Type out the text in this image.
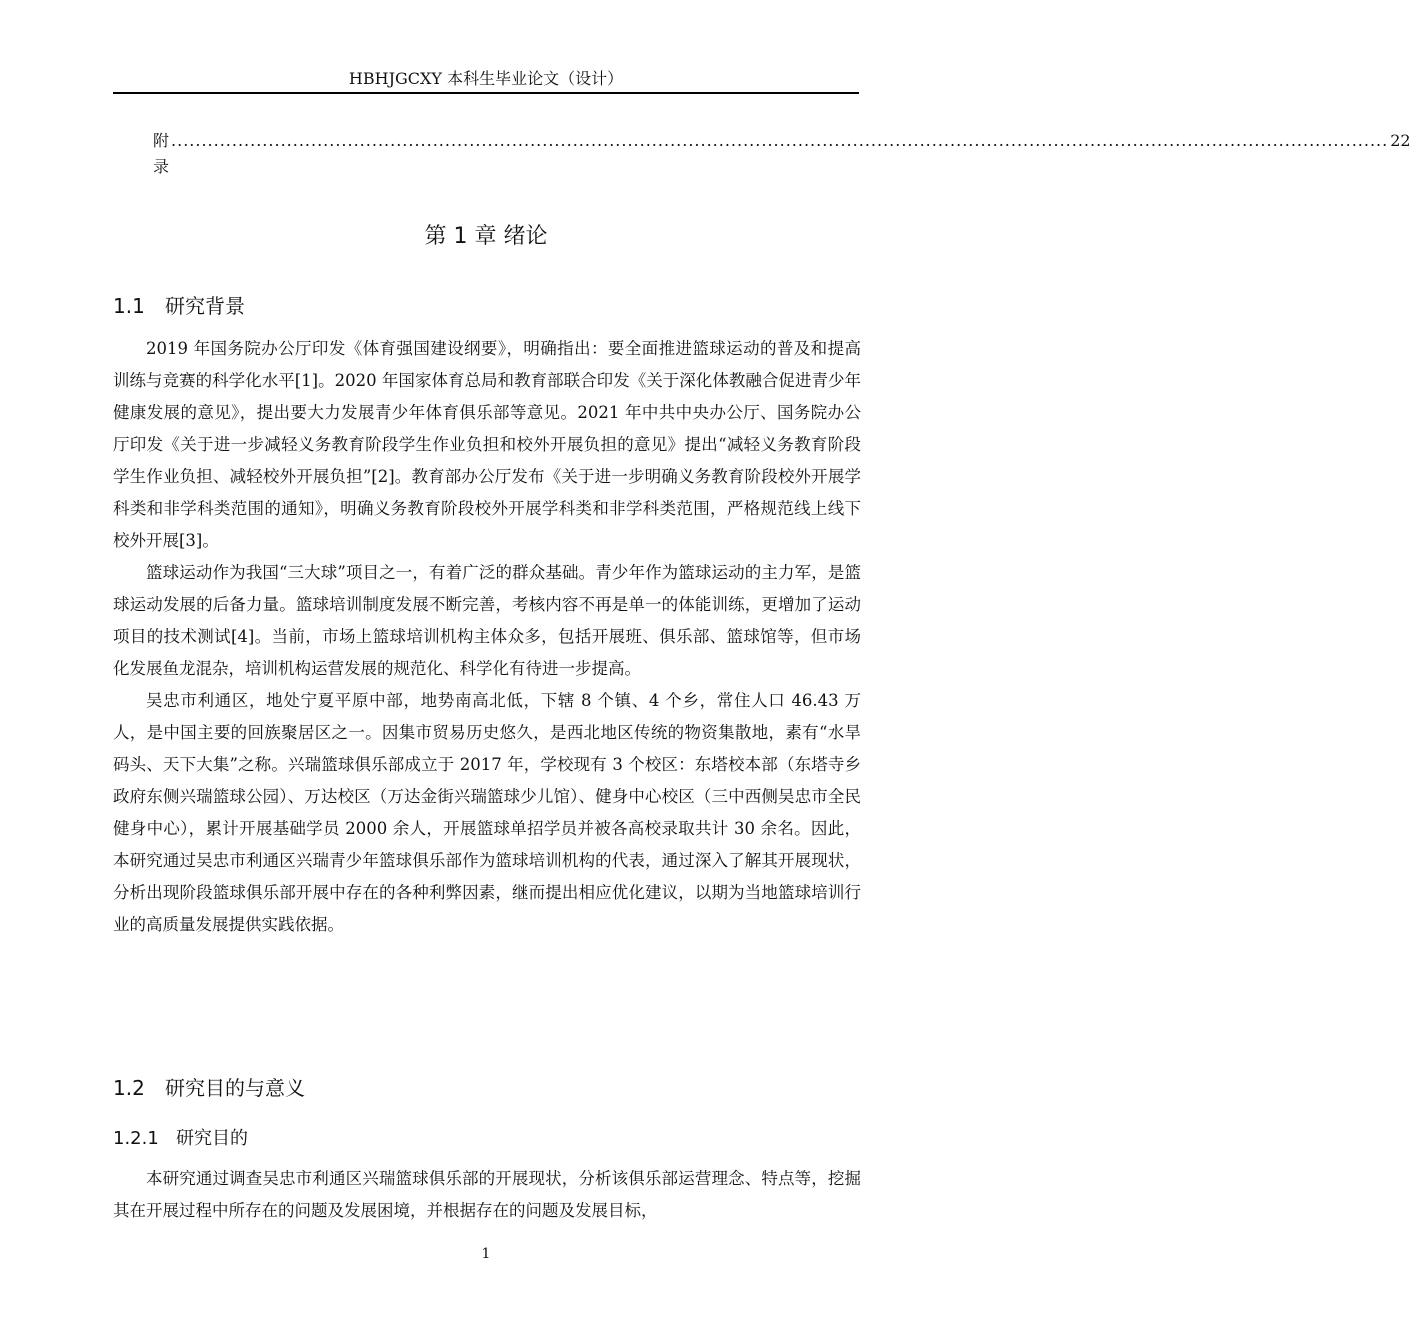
HBHJGCXY 本科生毕业论文（设计）
附录
........................................................................................................................................................................................................ 22
第 1 章 绪论
1.1	研究背景

2019 年国务院办公厅印发《体育强国建设纲要》，明确指出：要全面推进篮球运动的普及和提高训练与竞赛的科学化水平[1]。2020 年国家体育总局和教育部联合印发《关于深化体教融合促进青少年健康发展的意见》，提出要大力发展青少年体育俱乐部等意见。2021 年中共中央办公厅、国务院办公厅印发《关于进一步减轻义务教育阶段学生作业负担和校外开展负担的意见》提出“减轻义务教育阶段学生作业负担、减轻校外开展负担”[2]。教育部办公厅发布《关于进一步明确义务教育阶段校外开展学科类和非学科类范围的通知》，明确义务教育阶段校外开展学科类和非学科类范围，严格规范线上线下校外开展[3]。

篮球运动作为我国“三大球”项目之一，有着广泛的群众基础。青少年作为篮球运动的主力军，是篮球运动发展的后备力量。篮球培训制度发展不断完善，考核内容不再是单一的体能训练，更增加了运动项目的技术测试[4]。当前，市场上篮球培训机构主体众多，包括开展班、俱乐部、篮球馆等，但市场化发展鱼龙混杂，培训机构运营发展的规范化、科学化有待进一步提高。

吴忠市利通区，地处宁夏平原中部，地势南高北低，下辖 8 个镇、4 个乡，常住人口 46.43 万人，是中国主要的回族聚居区之一。因集市贸易历史悠久，是西北地区传统的物资集散地，素有“水旱码头、天下大集”之称。兴瑞篮球俱乐部成立于 2017 年，学校现有 3 个校区：东塔校本部（东塔寺乡政府东侧兴瑞篮球公园）、万达校区（万达金街兴瑞篮球少儿馆）、健身中心校区（三中西侧吴忠市全民健身中心），累计开展基础学员 2000 余人，开展篮球单招学员并被各高校录取共计 30 余名。因此，本研究通过吴忠市利通区兴瑞青少年篮球俱乐部作为篮球培训机构的代表，通过深入了解其开展现状，分析出现阶段篮球俱乐部开展中存在的各种利弊因素，继而提出相应优化建议，以期为当地篮球培训行业的高质量发展提供实践依据。

1.2	研究目的与意义
1.2.1 研究目的

本研究通过调查吴忠市利通区兴瑞篮球俱乐部的开展现状，分析该俱乐部运营理念、特点等，挖掘其在开展过程中所存在的问题及发展困境，并根据存在的问题及发展目标，

1
